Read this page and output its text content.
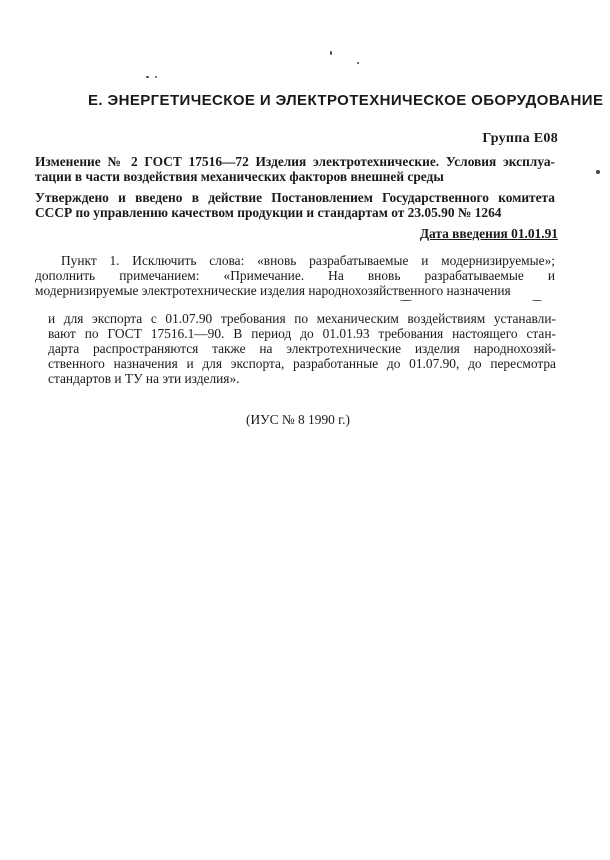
Е. ЭНЕРГЕТИЧЕСКОЕ И ЭЛЕКТРОТЕХНИЧЕСКОЕ ОБОРУДОВАНИЕ
Группа Е08

Изменение № 2 ГОСТ 17516—72 Изделия электротехнические. Условия эксплуа-

тации в части воздействия механических факторов внешней среды

Утверждено и введено в действие Постановлением Государственного комитета

СССР по управлению качеством продукции и стандартам от 23.05.90 № 1264

Дата введения 01.01.91

Пункт 1. Исключить слова: «вновь разрабатываемые и модернизируемые»;

дополнить примечанием: «Примечание. На вновь разрабатываемые и

модернизируемые электротехнические изделия народнохозяйственного назначения

и для экспорта с 01.07.90 требования по механическим воздействиям устанавли-

вают по ГОСТ 17516.1—90. В период до 01.01.93 требования настоящего стан-

дарта распространяются также на электротехнические изделия народнохозяй-

ственного назначения и для экспорта, разработанные до 01.07.90, до пересмотра

стандартов и ТУ на эти изделия».

(ИУС № 8 1990 г.)
